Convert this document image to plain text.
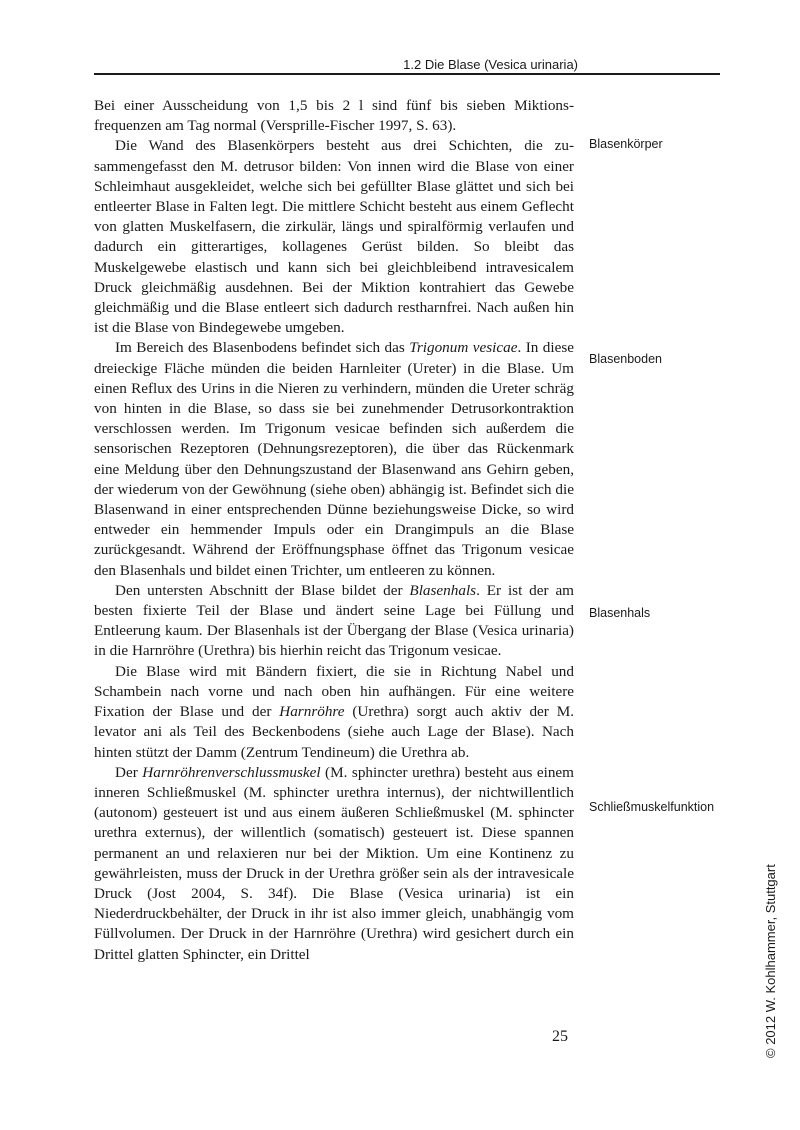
1.2 Die Blase (Vesica urinaria)

Bei einer Ausscheidung von 1,5 bis 2 l sind fünf bis sieben Miktionsfrequenzen am Tag normal (Versprille-Fischer 1997, S. 63).

Die Wand des Blasenkörpers besteht aus drei Schichten, die zusammengefasst den M. detrusor bilden: Von innen wird die Blase von einer Schleimhaut ausgekleidet, welche sich bei gefüllter Blase glättet und sich bei entleerter Blase in Falten legt. Die mittlere Schicht besteht aus einem Geflecht von glatten Muskelfasern, die zirkulär, längs und spiralförmig verlaufen und dadurch ein gitterartiges, kollagenes Gerüst bilden. So bleibt das Muskelgewebe elastisch und kann sich bei gleichbleibend intravesicalem Druck gleichmäßig ausdehnen. Bei der Miktion kontrahiert das Gewebe gleichmäßig und die Blase entleert sich dadurch restharnfrei. Nach außen hin ist die Blase von Bindegewebe umgeben.

Im Bereich des Blasenbodens befindet sich das Trigonum vesicae. In diese dreieckige Fläche münden die beiden Harnleiter (Ureter) in die Blase. Um einen Reflux des Urins in die Nieren zu verhindern, münden die Ureter schräg von hinten in die Blase, so dass sie bei zunehmender Detrusorkontraktion verschlossen werden. Im Trigonum vesicae befinden sich außerdem die sensorischen Rezeptoren (Dehnungsrezeptoren), die über das Rückenmark eine Meldung über den Dehnungszustand der Blasenwand ans Gehirn geben, der wiederum von der Gewöhnung (siehe oben) abhängig ist. Befindet sich die Blasenwand in einer entsprechenden Dünne beziehungsweise Dicke, so wird entweder ein hemmender Impuls oder ein Drangimpuls an die Blase zurückgesandt. Während der Eröffnungsphase öffnet das Trigonum vesicae den Blasenhals und bildet einen Trichter, um entleeren zu können.

Den untersten Abschnitt der Blase bildet der Blasenhals. Er ist der am besten fixierte Teil der Blase und ändert seine Lage bei Füllung und Entleerung kaum. Der Blasenhals ist der Übergang der Blase (Vesica urinaria) in die Harnröhre (Urethra) bis hierhin reicht das Trigonum vesicae.

Die Blase wird mit Bändern fixiert, die sie in Richtung Nabel und Schambein nach vorne und nach oben hin aufhängen. Für eine weitere Fixation der Blase und der Harnröhre (Urethra) sorgt auch aktiv der M. levator ani als Teil des Beckenbodens (siehe auch Lage der Blase). Nach hinten stützt der Damm (Zentrum Tendineum) die Urethra ab.

Der Harnröhrenverschlussmuskel (M. sphincter urethra) besteht aus einem inneren Schließmuskel (M. sphincter urethra internus), der nichtwillentlich (autonom) gesteuert ist und aus einem äußeren Schließmuskel (M. sphincter urethra externus), der willentlich (somatisch) gesteuert ist. Diese spannen permanent an und relaxieren nur bei der Miktion. Um eine Kontinenz zu gewährleisten, muss der Druck in der Urethra größer sein als der intravesicale Druck (Jost 2004, S. 34f). Die Blase (Vesica urinaria) ist ein Niederdruckbehälter, der Druck in ihr ist also immer gleich, unabhängig vom Füllvolumen. Der Druck in der Harnröhre (Urethra) wird gesichert durch ein Drittel glatten Sphincter, ein Drittel

Blasenkörper
Blasenboden
Blasenhals
Schließmuskelfunktion
25	© 2012 W. Kohlhammer, Stuttgart
